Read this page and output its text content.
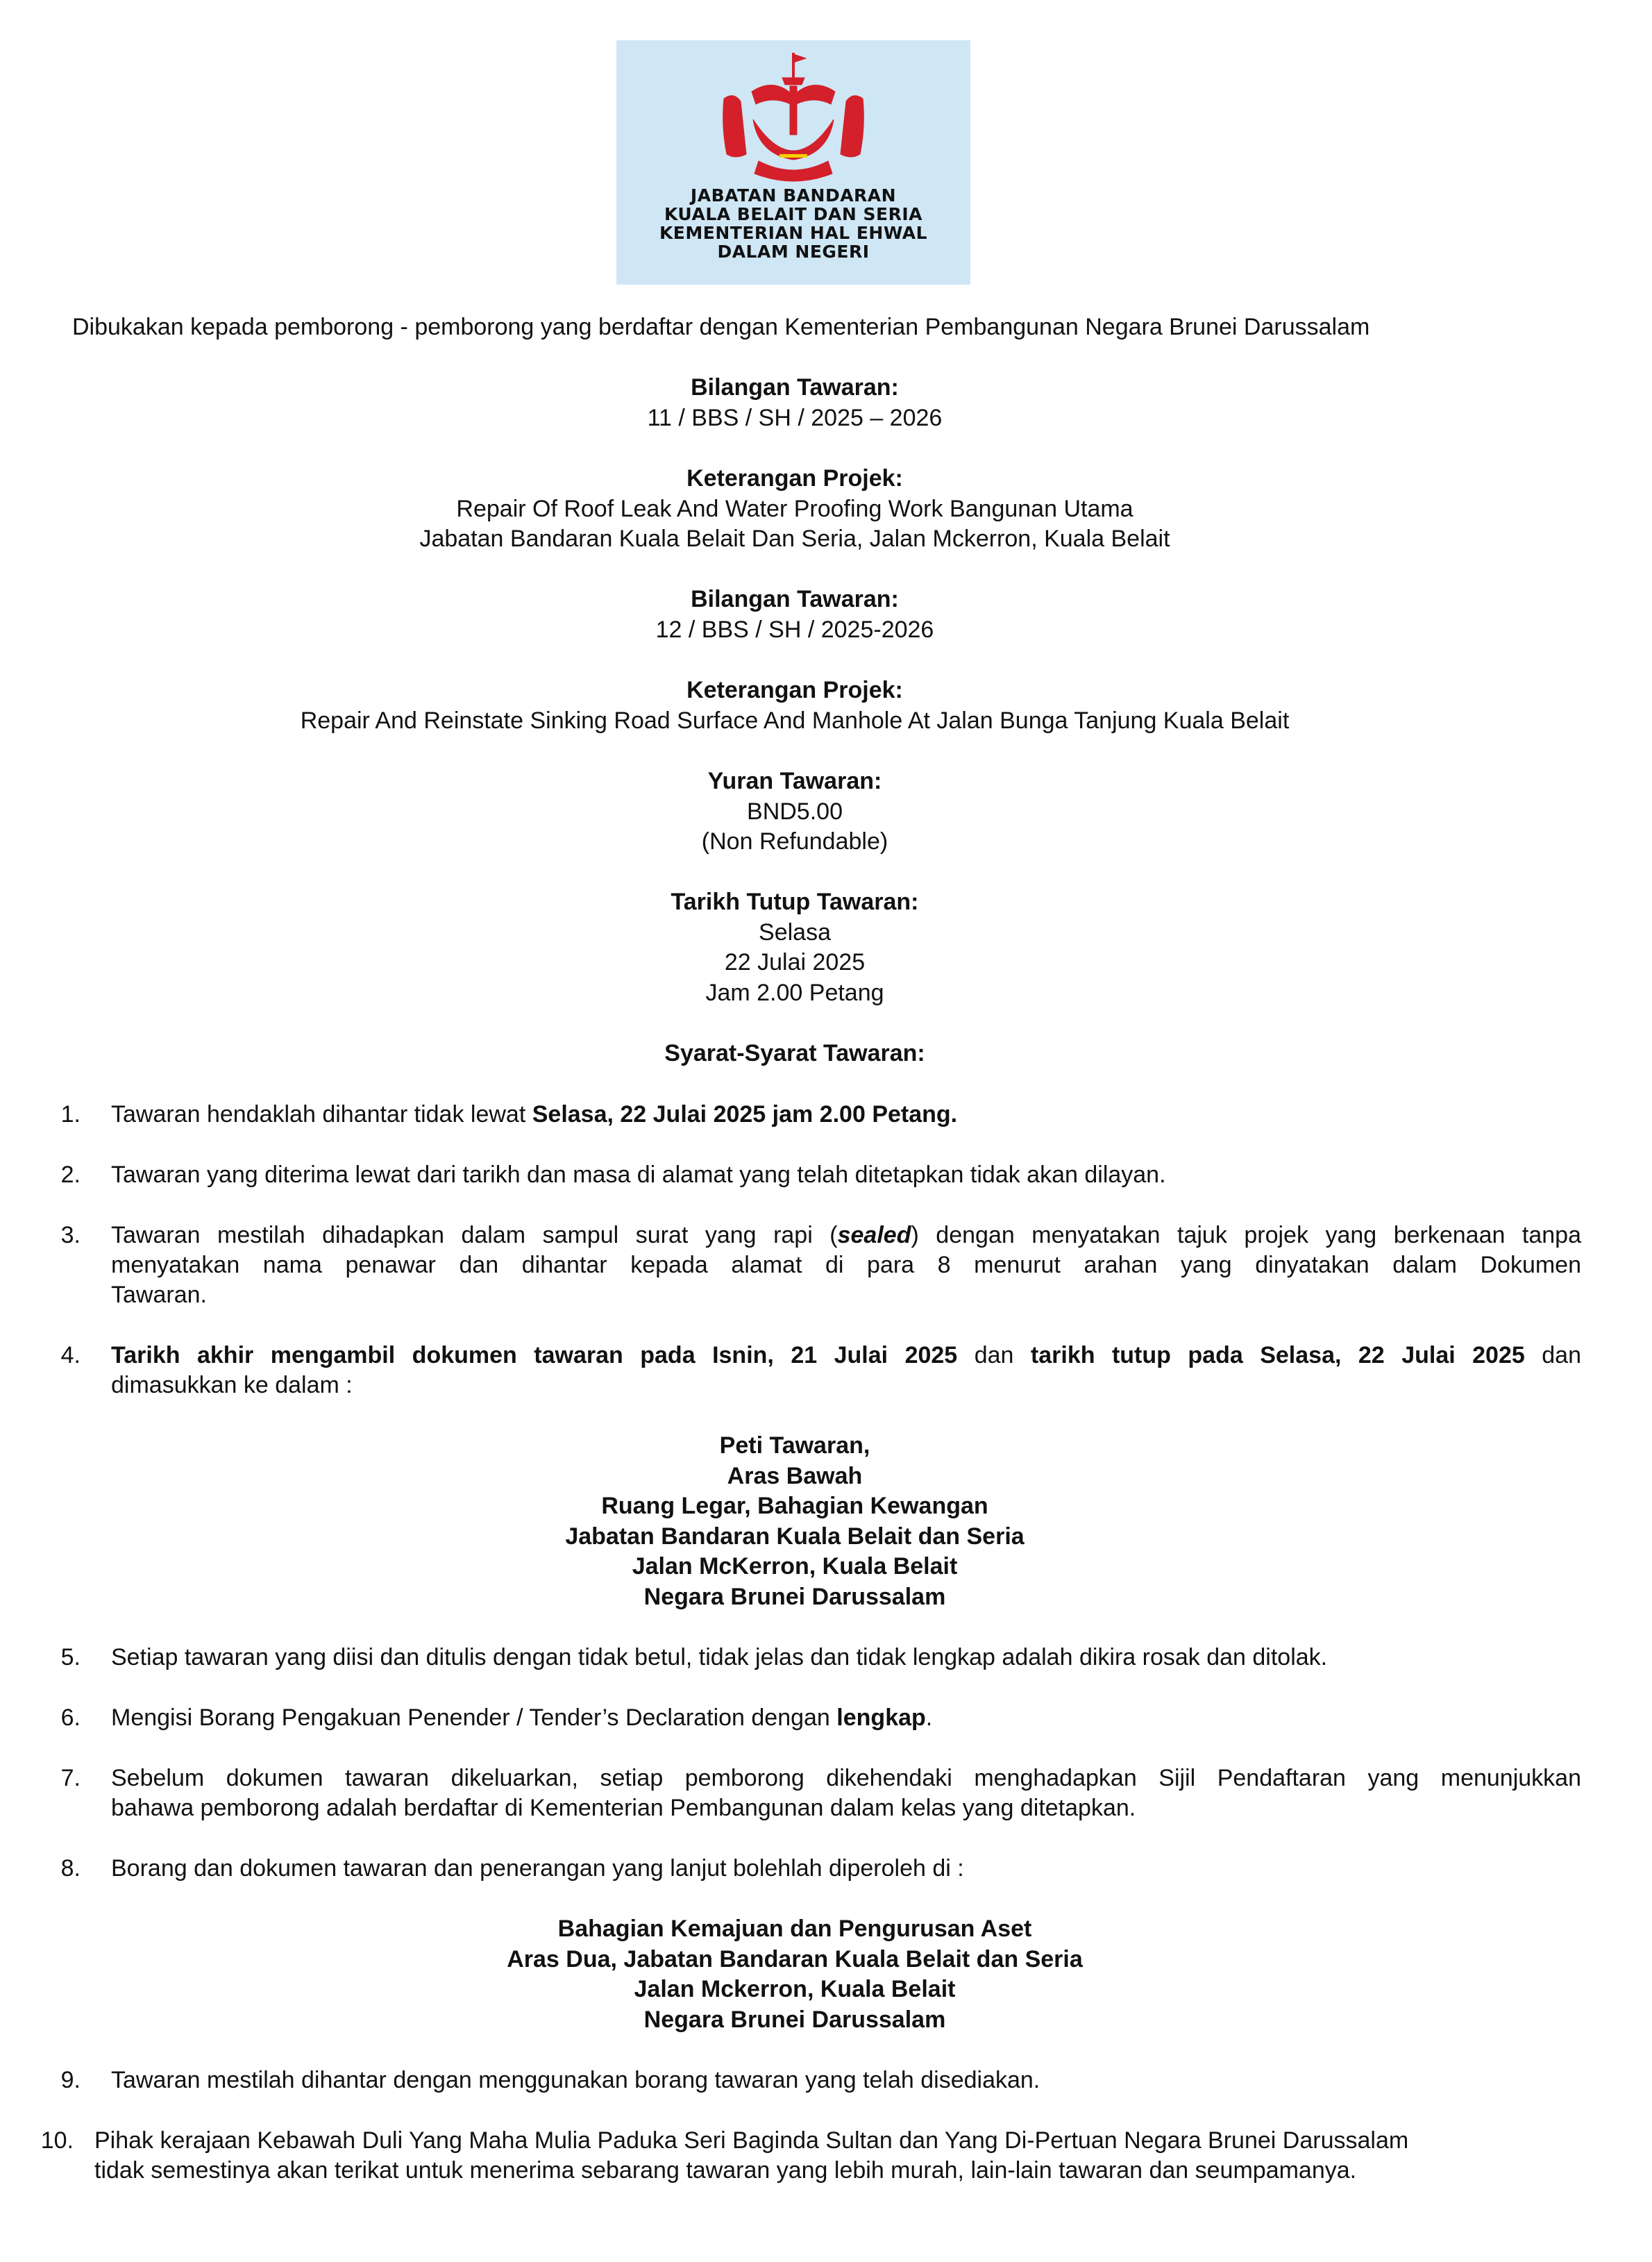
JABATAN BANDARAN
KUALA BELAIT DAN SERIA
KEMENTERIAN HAL EHWAL
DALAM NEGERI
Dibukakan kepada pemborong - pemborong yang berdaftar dengan Kementerian Pembangunan Negara Brunei Darussalam
Bilangan Tawaran:
11 / BBS / SH / 2025 – 2026
Keterangan Projek:
Repair Of Roof Leak And Water Proofing Work Bangunan Utama
Jabatan Bandaran Kuala Belait Dan Seria, Jalan Mckerron, Kuala Belait
Bilangan Tawaran:
12 / BBS / SH / 2025-2026
Keterangan Projek:
Repair And Reinstate Sinking Road Surface And Manhole At Jalan Bunga Tanjung Kuala Belait
Yuran Tawaran:
BND5.00
(Non Refundable)
Tarikh Tutup Tawaran:
Selasa
22 Julai 2025
Jam 2.00 Petang
Syarat-Syarat Tawaran:
1. Tawaran hendaklah dihantar tidak lewat Selasa, 22 Julai 2025 jam 2.00 Petang.
2. Tawaran yang diterima lewat dari tarikh dan masa di alamat yang telah ditetapkan tidak akan dilayan.
3. Tawaran mestilah dihadapkan dalam sampul surat yang rapi (sealed) dengan menyatakan tajuk projek yang berkenaan tanpa
menyatakan nama penawar dan dihantar kepada alamat di para 8 menurut arahan yang dinyatakan dalam Dokumen
Tawaran.
4. Tarikh akhir mengambil dokumen tawaran pada Isnin, 21 Julai 2025 dan tarikh tutup pada Selasa, 22 Julai 2025 dan
dimasukkan ke dalam :
Peti Tawaran,
Aras Bawah
Ruang Legar, Bahagian Kewangan
Jabatan Bandaran Kuala Belait dan Seria
Jalan McKerron, Kuala Belait
Negara Brunei Darussalam
5. Setiap tawaran yang diisi dan ditulis dengan tidak betul, tidak jelas dan tidak lengkap adalah dikira rosak dan ditolak.
6. Mengisi Borang Pengakuan Penender / Tender’s Declaration dengan lengkap.
7. Sebelum dokumen tawaran dikeluarkan, setiap pemborong dikehendaki menghadapkan Sijil Pendaftaran yang menunjukkan
bahawa pemborong adalah berdaftar di Kementerian Pembangunan dalam kelas yang ditetapkan.
8. Borang dan dokumen tawaran dan penerangan yang lanjut bolehlah diperoleh di :
Bahagian Kemajuan dan Pengurusan Aset
Aras Dua, Jabatan Bandaran Kuala Belait dan Seria
Jalan Mckerron, Kuala Belait
Negara Brunei Darussalam
9. Tawaran mestilah dihantar dengan menggunakan borang tawaran yang telah disediakan.
10. Pihak kerajaan Kebawah Duli Yang Maha Mulia Paduka Seri Baginda Sultan dan Yang Di-Pertuan Negara Brunei Darussalam
tidak semestinya akan terikat untuk menerima sebarang tawaran yang lebih murah, lain-lain tawaran dan seumpamanya.
